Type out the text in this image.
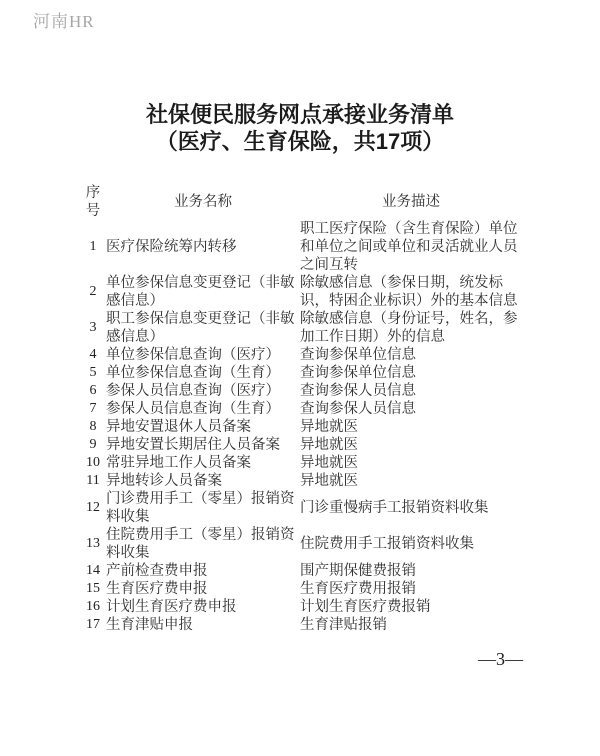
河南HR
社保便民服务网点承接业务清单
（医疗、生育保险，共17项）
序号	业务名称	业务描述
1	医疗保险统筹内转移	职工医疗保险（含生育保险）单位和单位之间或单位和灵活就业人员之间互转
2	单位参保信息变更登记（非敏感信息）	除敏感信息（参保日期，统发标识，特困企业标识）外的基本信息
3	职工参保信息变更登记（非敏感信息）	除敏感信息（身份证号，姓名，参加工作日期）外的信息
4	单位参保信息查询（医疗）	查询参保单位信息
5	单位参保信息查询（生育）	查询参保单位信息
6	参保人员信息查询（医疗）	查询参保人员信息
7	参保人员信息查询（生育）	查询参保人员信息
8	异地安置退休人员备案	异地就医
9	异地安置长期居住人员备案	异地就医
10	常驻异地工作人员备案	异地就医
11	异地转诊人员备案	异地就医
12	门诊费用手工（零星）报销资料收集	门诊重慢病手工报销资料收集
13	住院费用手工（零星）报销资料收集	住院费用手工报销资料收集
14	产前检查费申报	围产期保健费报销
15	生育医疗费申报	生育医疗费用报销
16	计划生育医疗费申报	计划生育医疗费报销
17	生育津贴申报	生育津贴报销
—3—
